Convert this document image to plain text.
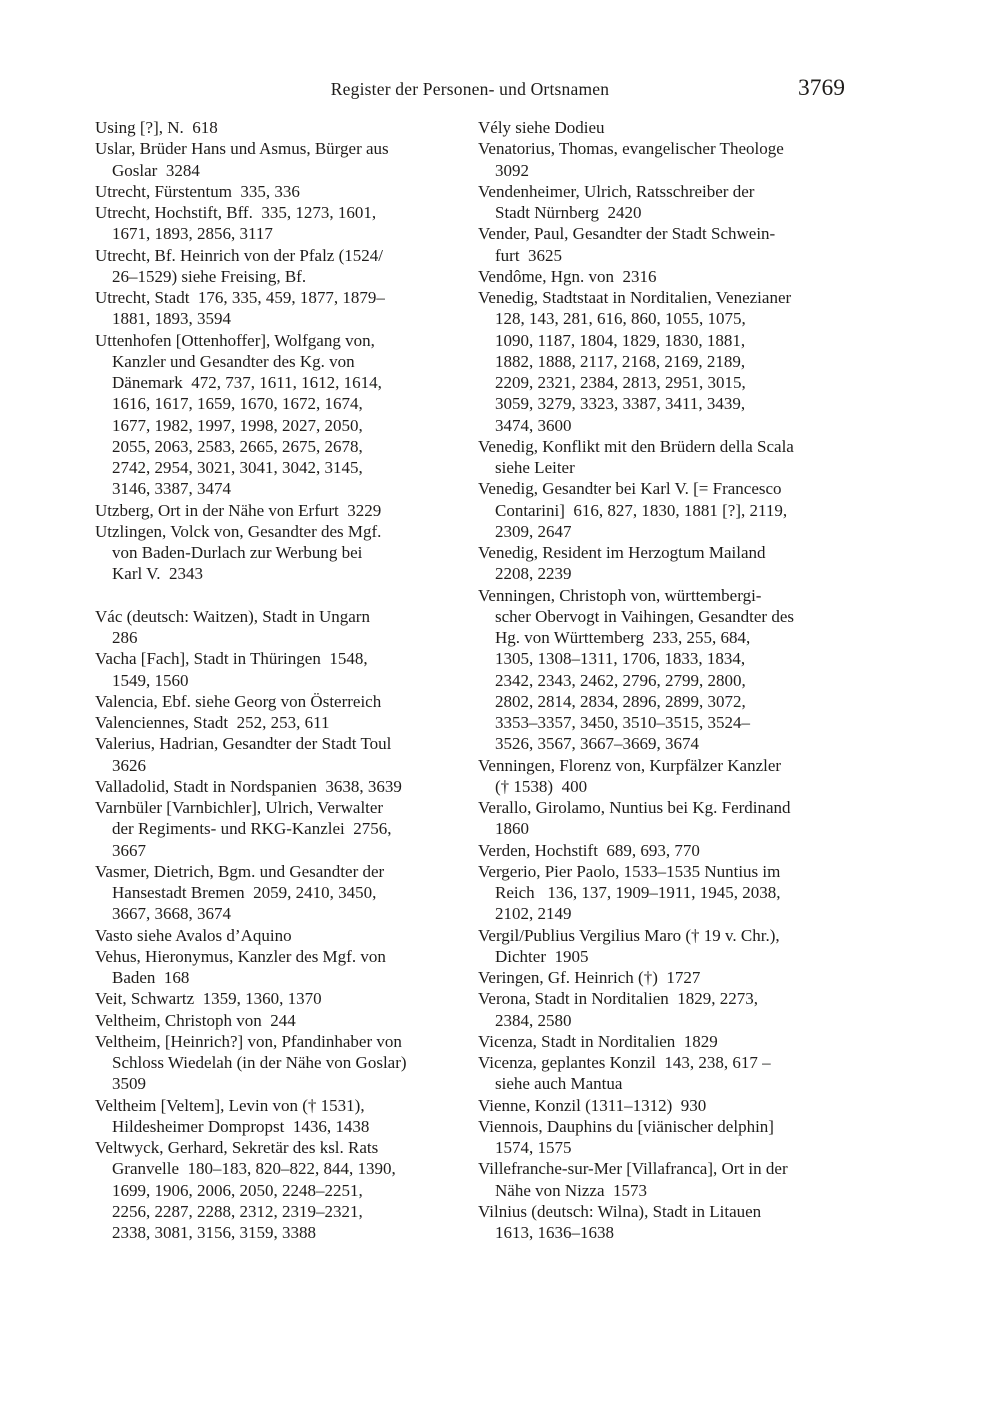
Register der Personen- und Ortsnamen	3769
Using [?], N.  618
Uslar, Brüder Hans und Asmus, Bürger aus
Goslar  3284
Utrecht, Fürstentum  335, 336
Utrecht, Hochstift, Bff.  335, 1273, 1601,
1671, 1893, 2856, 3117
Utrecht, Bf. Heinrich von der Pfalz (1524/
26–1529) siehe Freising, Bf.
Utrecht, Stadt  176, 335, 459, 1877, 1879–
1881, 1893, 3594
Uttenhofen [Ottenhoffer], Wolfgang von,
Kanzler und Gesandter des Kg. von
Dänemark  472, 737, 1611, 1612, 1614,
1616, 1617, 1659, 1670, 1672, 1674,
1677, 1982, 1997, 1998, 2027, 2050,
2055, 2063, 2583, 2665, 2675, 2678,
2742, 2954, 3021, 3041, 3042, 3145,
3146, 3387, 3474
Utzberg, Ort in der Nähe von Erfurt  3229
Utzlingen, Volck von, Gesandter des Mgf.
von Baden-Durlach zur Werbung bei
Karl V.  2343
Vác (deutsch: Waitzen), Stadt in Ungarn
286
Vacha [Fach], Stadt in Thüringen  1548,
1549, 1560
Valencia, Ebf. siehe Georg von Österreich
Valenciennes, Stadt  252, 253, 611
Valerius, Hadrian, Gesandter der Stadt Toul
3626
Valladolid, Stadt in Nordspanien  3638, 3639
Varnbüler [Varnbichler], Ulrich, Verwalter
der Regiments- und RKG-Kanzlei  2756,
3667
Vasmer, Dietrich, Bgm. und Gesandter der
Hansestadt Bremen  2059, 2410, 3450,
3667, 3668, 3674
Vasto siehe Avalos d’Aquino
Vehus, Hieronymus, Kanzler des Mgf. von
Baden  168
Veit, Schwartz  1359, 1360, 1370
Veltheim, Christoph von  244
Veltheim, [Heinrich?] von, Pfandinhaber von
Schloss Wiedelah (in der Nähe von Goslar)
3509
Veltheim [Veltem], Levin von († 1531),
Hildesheimer Dompropst  1436, 1438
Veltwyck, Gerhard, Sekretär des ksl. Rats
Granvelle  180–183, 820–822, 844, 1390,
1699, 1906, 2006, 2050, 2248–2251,
2256, 2287, 2288, 2312, 2319–2321,
2338, 3081, 3156, 3159, 3388
Vély siehe Dodieu
Venatorius, Thomas, evangelischer Theologe
3092
Vendenheimer, Ulrich, Ratsschreiber der
Stadt Nürnberg  2420
Vender, Paul, Gesandter der Stadt Schwein-
furt  3625
Vendôme, Hgn. von  2316
Venedig, Stadtstaat in Norditalien, Venezianer
128, 143, 281, 616, 860, 1055, 1075,
1090, 1187, 1804, 1829, 1830, 1881,
1882, 1888, 2117, 2168, 2169, 2189,
2209, 2321, 2384, 2813, 2951, 3015,
3059, 3279, 3323, 3387, 3411, 3439,
3474, 3600
Venedig, Konflikt mit den Brüdern della Scala
siehe Leiter
Venedig, Gesandter bei Karl V. [= Francesco
Contarini]  616, 827, 1830, 1881 [?], 2119,
2309, 2647
Venedig, Resident im Herzogtum Mailand
2208, 2239
Venningen, Christoph von, württembergi-
scher Obervogt in Vaihingen, Gesandter des
Hg. von Württemberg  233, 255, 684,
1305, 1308–1311, 1706, 1833, 1834,
2342, 2343, 2462, 2796, 2799, 2800,
2802, 2814, 2834, 2896, 2899, 3072,
3353–3357, 3450, 3510–3515, 3524–
3526, 3567, 3667–3669, 3674
Venningen, Florenz von, Kurpfälzer Kanzler
(† 1538)  400
Verallo, Girolamo, Nuntius bei Kg. Ferdinand
1860
Verden, Hochstift  689, 693, 770
Vergerio, Pier Paolo, 1533–1535 Nuntius im
Reich   136, 137, 1909–1911, 1945, 2038,
2102, 2149
Vergil/Publius Vergilius Maro († 19 v. Chr.),
Dichter  1905
Veringen, Gf. Heinrich (†)  1727
Verona, Stadt in Norditalien  1829, 2273,
2384, 2580
Vicenza, Stadt in Norditalien  1829
Vicenza, geplantes Konzil  143, 238, 617 –
siehe auch Mantua
Vienne, Konzil (1311–1312)  930
Viennois, Dauphins du [viänischer delphin]
1574, 1575
Villefranche-sur-Mer [Villafranca], Ort in der
Nähe von Nizza  1573
Vilnius (deutsch: Wilna), Stadt in Litauen
1613, 1636–1638
